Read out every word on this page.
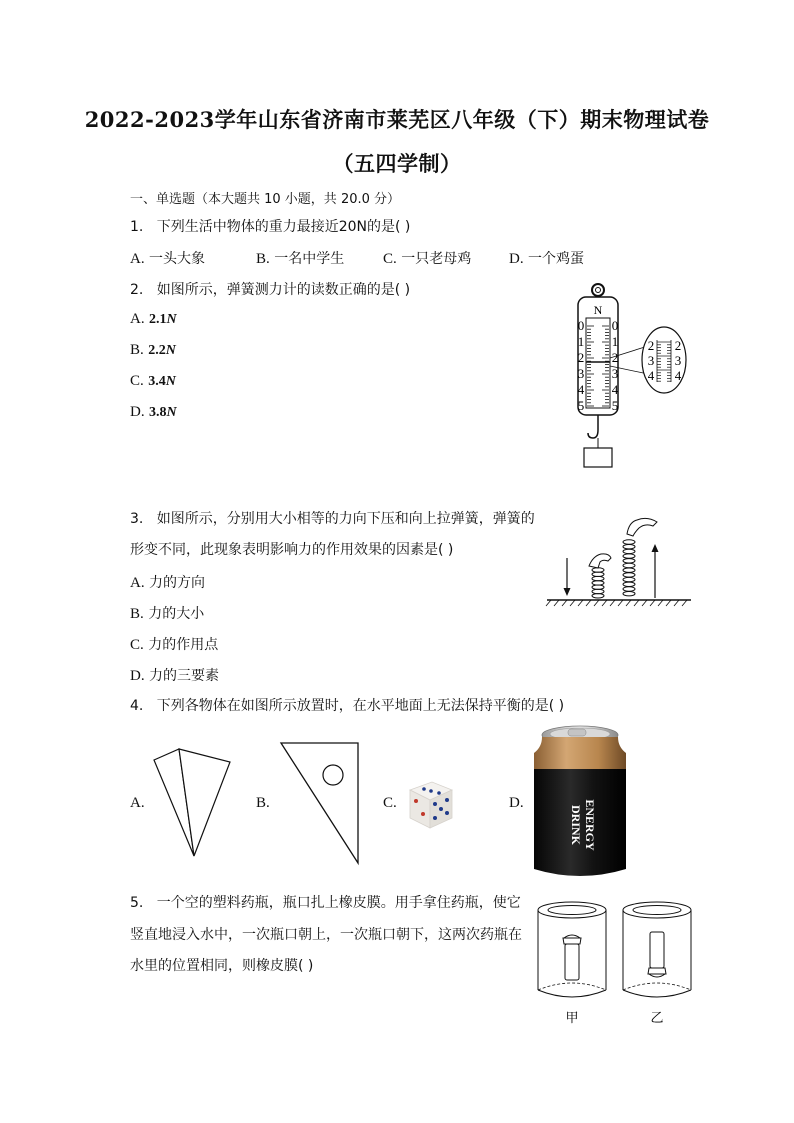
2022-2023学年山东省济南市莱芜区八年级（下）期末物理试卷
（五四学制）
一、单选题（本大题共 10 小题，共 20.0 分）
1. 下列生活中物体的重力最接近20N的是( )
A. 一头大象	B. 一名中学生	C. 一只老母鸡	D. 一个鸡蛋
2. 如图所示，弹簧测力计的读数正确的是( )
A. 2.1N
B. 2.2N
C. 3.4N
D. 3.8N
N
0
1
2
3
4
5
0
1
2
3
4
5
2
3
4
2
3
4
3. 如图所示，分别用大小相等的力向下压和向上拉弹簧，弹簧的
形变不同，此现象表明影响力的作用效果的因素是( )
A. 力的方向
B. 力的大小
C. 力的作用点
D. 力的三要素
4. 下列各物体在如图所示放置时，在水平地面上无法保持平衡的是( )
A.	B.	C.	D.	ENERGY
DRINK
5. 一个空的塑料药瓶，瓶口扎上橡皮膜。用手拿住药瓶，使它
竖直地浸入水中，一次瓶口朝上，一次瓶口朝下，这两次药瓶在
水里的位置相同，则橡皮膜( )
甲	乙
